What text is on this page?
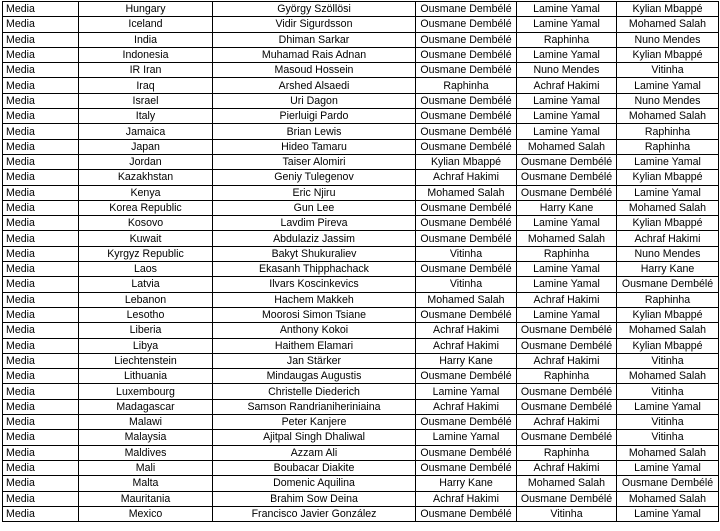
Media	Hungary	György Szöllösi	Ousmane Dembélé	Lamine Yamal	Kylian Mbappé
Media	Iceland	Vidir Sigurdsson	Ousmane Dembélé	Lamine Yamal	Mohamed Salah
Media	India	Dhiman Sarkar	Ousmane Dembélé	Raphinha	Nuno Mendes
Media	Indonesia	Muhamad Rais Adnan	Ousmane Dembélé	Lamine Yamal	Kylian Mbappé
Media	IR Iran	Masoud Hossein	Ousmane Dembélé	Nuno Mendes	Vitinha
Media	Iraq	Arshed Alsaedi	Raphinha	Achraf Hakimi	Lamine Yamal
Media	Israel	Uri Dagon	Ousmane Dembélé	Lamine Yamal	Nuno Mendes
Media	Italy	Pierluigi Pardo	Ousmane Dembélé	Lamine Yamal	Mohamed Salah
Media	Jamaica	Brian Lewis	Ousmane Dembélé	Lamine Yamal	Raphinha
Media	Japan	Hideo Tamaru	Ousmane Dembélé	Mohamed Salah	Raphinha
Media	Jordan	Taiser Alomiri	Kylian Mbappé	Ousmane Dembélé	Lamine Yamal
Media	Kazakhstan	Geniy Tulegenov	Achraf Hakimi	Ousmane Dembélé	Kylian Mbappé
Media	Kenya	Eric Njiru	Mohamed Salah	Ousmane Dembélé	Lamine Yamal
Media	Korea Republic	Gun Lee	Ousmane Dembélé	Harry Kane	Mohamed Salah
Media	Kosovo	Lavdim Pireva	Ousmane Dembélé	Lamine Yamal	Kylian Mbappé
Media	Kuwait	Abdulaziz Jassim	Ousmane Dembélé	Mohamed Salah	Achraf Hakimi
Media	Kyrgyz Republic	Bakyt Shukuraliev	Vitinha	Raphinha	Nuno Mendes
Media	Laos	Ekasanh Thipphachack	Ousmane Dembélé	Lamine Yamal	Harry Kane
Media	Latvia	Ilvars Koscinkevics	Vitinha	Lamine Yamal	Ousmane Dembélé
Media	Lebanon	Hachem Makkeh	Mohamed Salah	Achraf Hakimi	Raphinha
Media	Lesotho	Moorosi Simon Tsiane	Ousmane Dembélé	Lamine Yamal	Kylian Mbappé
Media	Liberia	Anthony Kokoi	Achraf Hakimi	Ousmane Dembélé	Mohamed Salah
Media	Libya	Haithem Elamari	Achraf Hakimi	Ousmane Dembélé	Kylian Mbappé
Media	Liechtenstein	Jan Stärker	Harry Kane	Achraf Hakimi	Vitinha
Media	Lithuania	Mindaugas Augustis	Ousmane Dembélé	Raphinha	Mohamed Salah
Media	Luxembourg	Christelle Diederich	Lamine Yamal	Ousmane Dembélé	Vitinha
Media	Madagascar	Samson Randrianiheriniaina	Achraf Hakimi	Ousmane Dembélé	Lamine Yamal
Media	Malawi	Peter Kanjere	Ousmane Dembélé	Achraf Hakimi	Vitinha
Media	Malaysia	Ajitpal Singh Dhaliwal	Lamine Yamal	Ousmane Dembélé	Vitinha
Media	Maldives	Azzam Ali	Ousmane Dembélé	Raphinha	Mohamed Salah
Media	Mali	Boubacar Diakite	Ousmane Dembélé	Achraf Hakimi	Lamine Yamal
Media	Malta	Domenic Aquilina	Harry Kane	Mohamed Salah	Ousmane Dembélé
Media	Mauritania	Brahim Sow Deina	Achraf Hakimi	Ousmane Dembélé	Mohamed Salah
Media	Mexico	Francisco Javier González	Ousmane Dembélé	Vitinha	Lamine Yamal
